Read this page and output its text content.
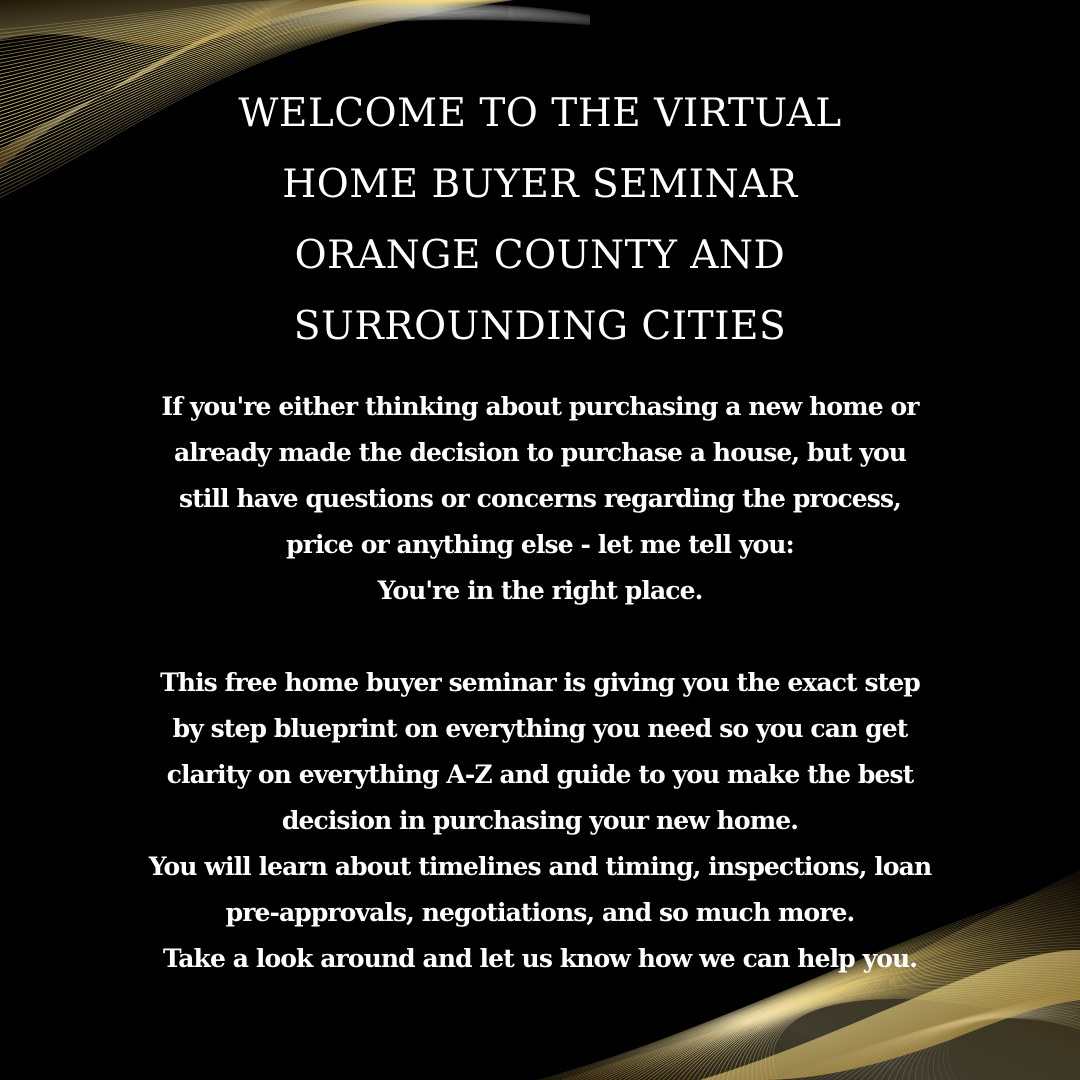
WELCOME TO THE VIRTUAL
HOME BUYER SEMINAR
ORANGE COUNTY AND
SURROUNDING CITIES
If you're either thinking about purchasing a new home or
already made the decision to purchase a house, but you
still have questions or concerns regarding the process,
price or anything else - let me tell you:
You're in the right place.
This free home buyer seminar is giving you the exact step
by step blueprint on everything you need so you can get
clarity on everything A-Z and guide to you make the best
decision in purchasing your new home.
You will learn about timelines and timing, inspections, loan
pre-approvals, negotiations, and so much more.
Take a look around and let us know how we can help you.
